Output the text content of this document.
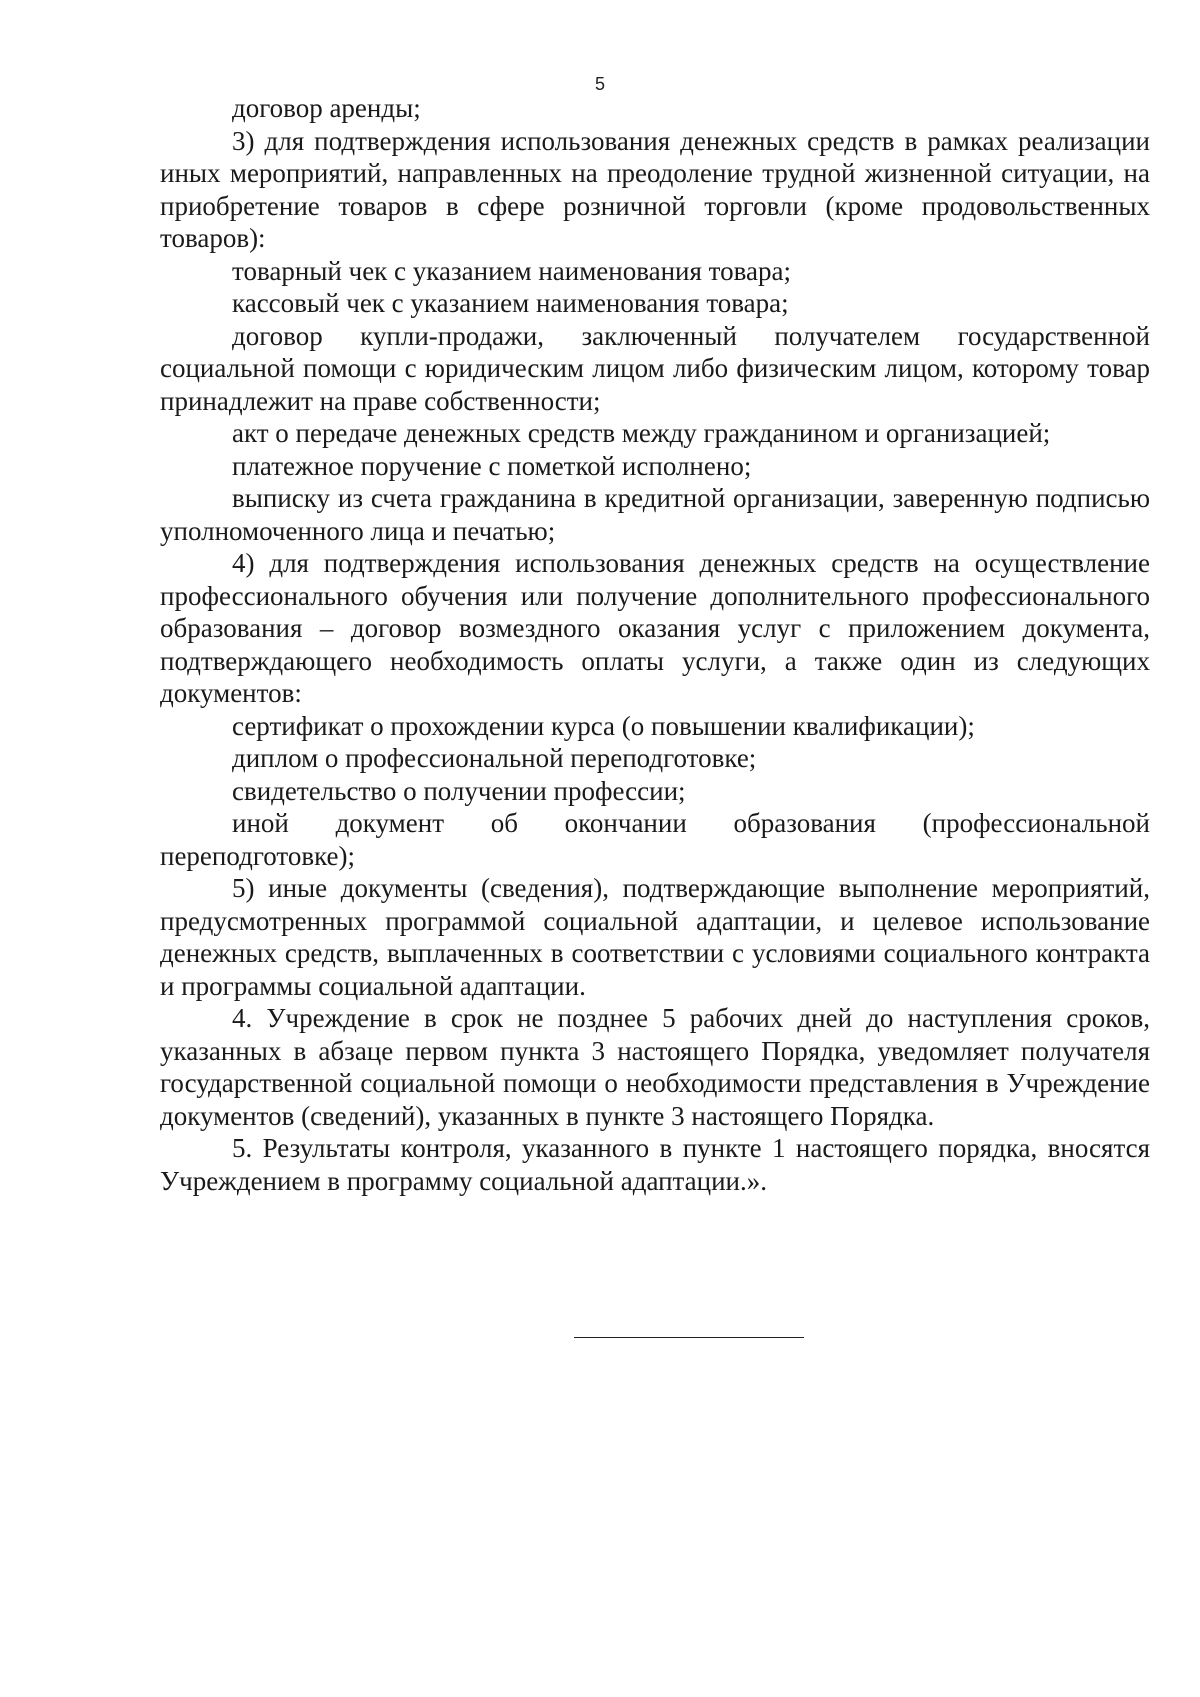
5

договор аренды;

3) для подтверждения использования денежных средств в рамках реализации иных мероприятий, направленных на преодоление трудной жизненной ситуации, на приобретение товаров в сфере розничной торговли (кроме продовольственных товаров):

товарный чек с указанием наименования товара;

кассовый чек с указанием наименования товара;

договор купли-продажи, заключенный получателем государственной социальной помощи с юридическим лицом либо физическим лицом, которому товар принадлежит на праве собственности;

акт о передаче денежных средств между гражданином и организацией;

платежное поручение с пометкой исполнено;

выписку из счета гражданина в кредитной организации, заверенную подписью уполномоченного лица и печатью;

4) для подтверждения использования денежных средств на осуществление профессионального обучения или получение дополнительного профессионального образования – договор возмездного оказания услуг с приложением документа, подтверждающего необходимость оплаты услуги, а также один из следующих документов:

сертификат о прохождении курса (о повышении квалификации);

диплом о профессиональной переподготовке;

свидетельство о получении профессии;

иной документ об окончании образования (профессиональной переподготовке);

5) иные документы (сведения), подтверждающие выполнение мероприятий, предусмотренных программой социальной адаптации, и целевое использование денежных средств, выплаченных в соответствии с условиями социального контракта и программы социальной адаптации.

4. Учреждение в срок не позднее 5 рабочих дней до наступления сроков, указанных в абзаце первом пункта 3 настоящего Порядка, уведомляет получателя государственной социальной помощи о необходимости представления в Учреждение документов (сведений), указанных в пункте 3 настоящего Порядка.

5. Результаты контроля, указанного в пункте 1 настоящего порядка, вносятся Учреждением в программу социальной адаптации.».
